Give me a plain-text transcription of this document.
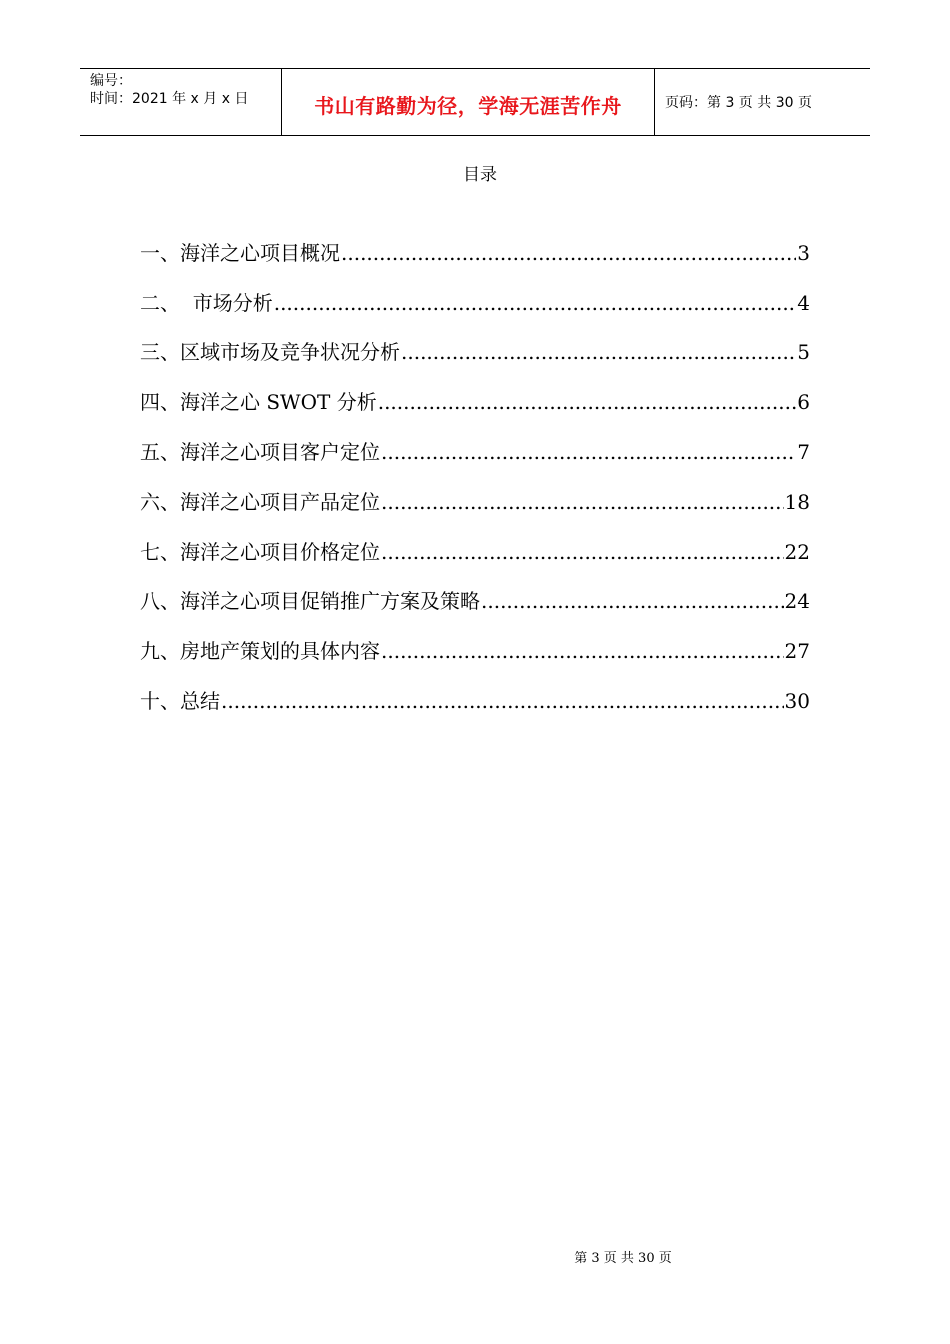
编号：
时间：2021 年 x 月 x 日	书山有路勤为径，学海无涯苦作舟	页码：第 3 页 共 30 页
目录
一、海洋之心项目概况 .....	3
二、  市场分析 .....	4
三、区域市场及竞争状况分析 .....	5
四、海洋之心 SWOT 分析 .....	6
五、海洋之心项目客户定位 .....	7
六、海洋之心项目产品定位 .....	18
七、海洋之心项目价格定位 .....	22
八、海洋之心项目促销推广方案及策略 .....	24
九、房地产策划的具体内容 .....	27
十、总结 .....	30
第 3 页 共 30 页
